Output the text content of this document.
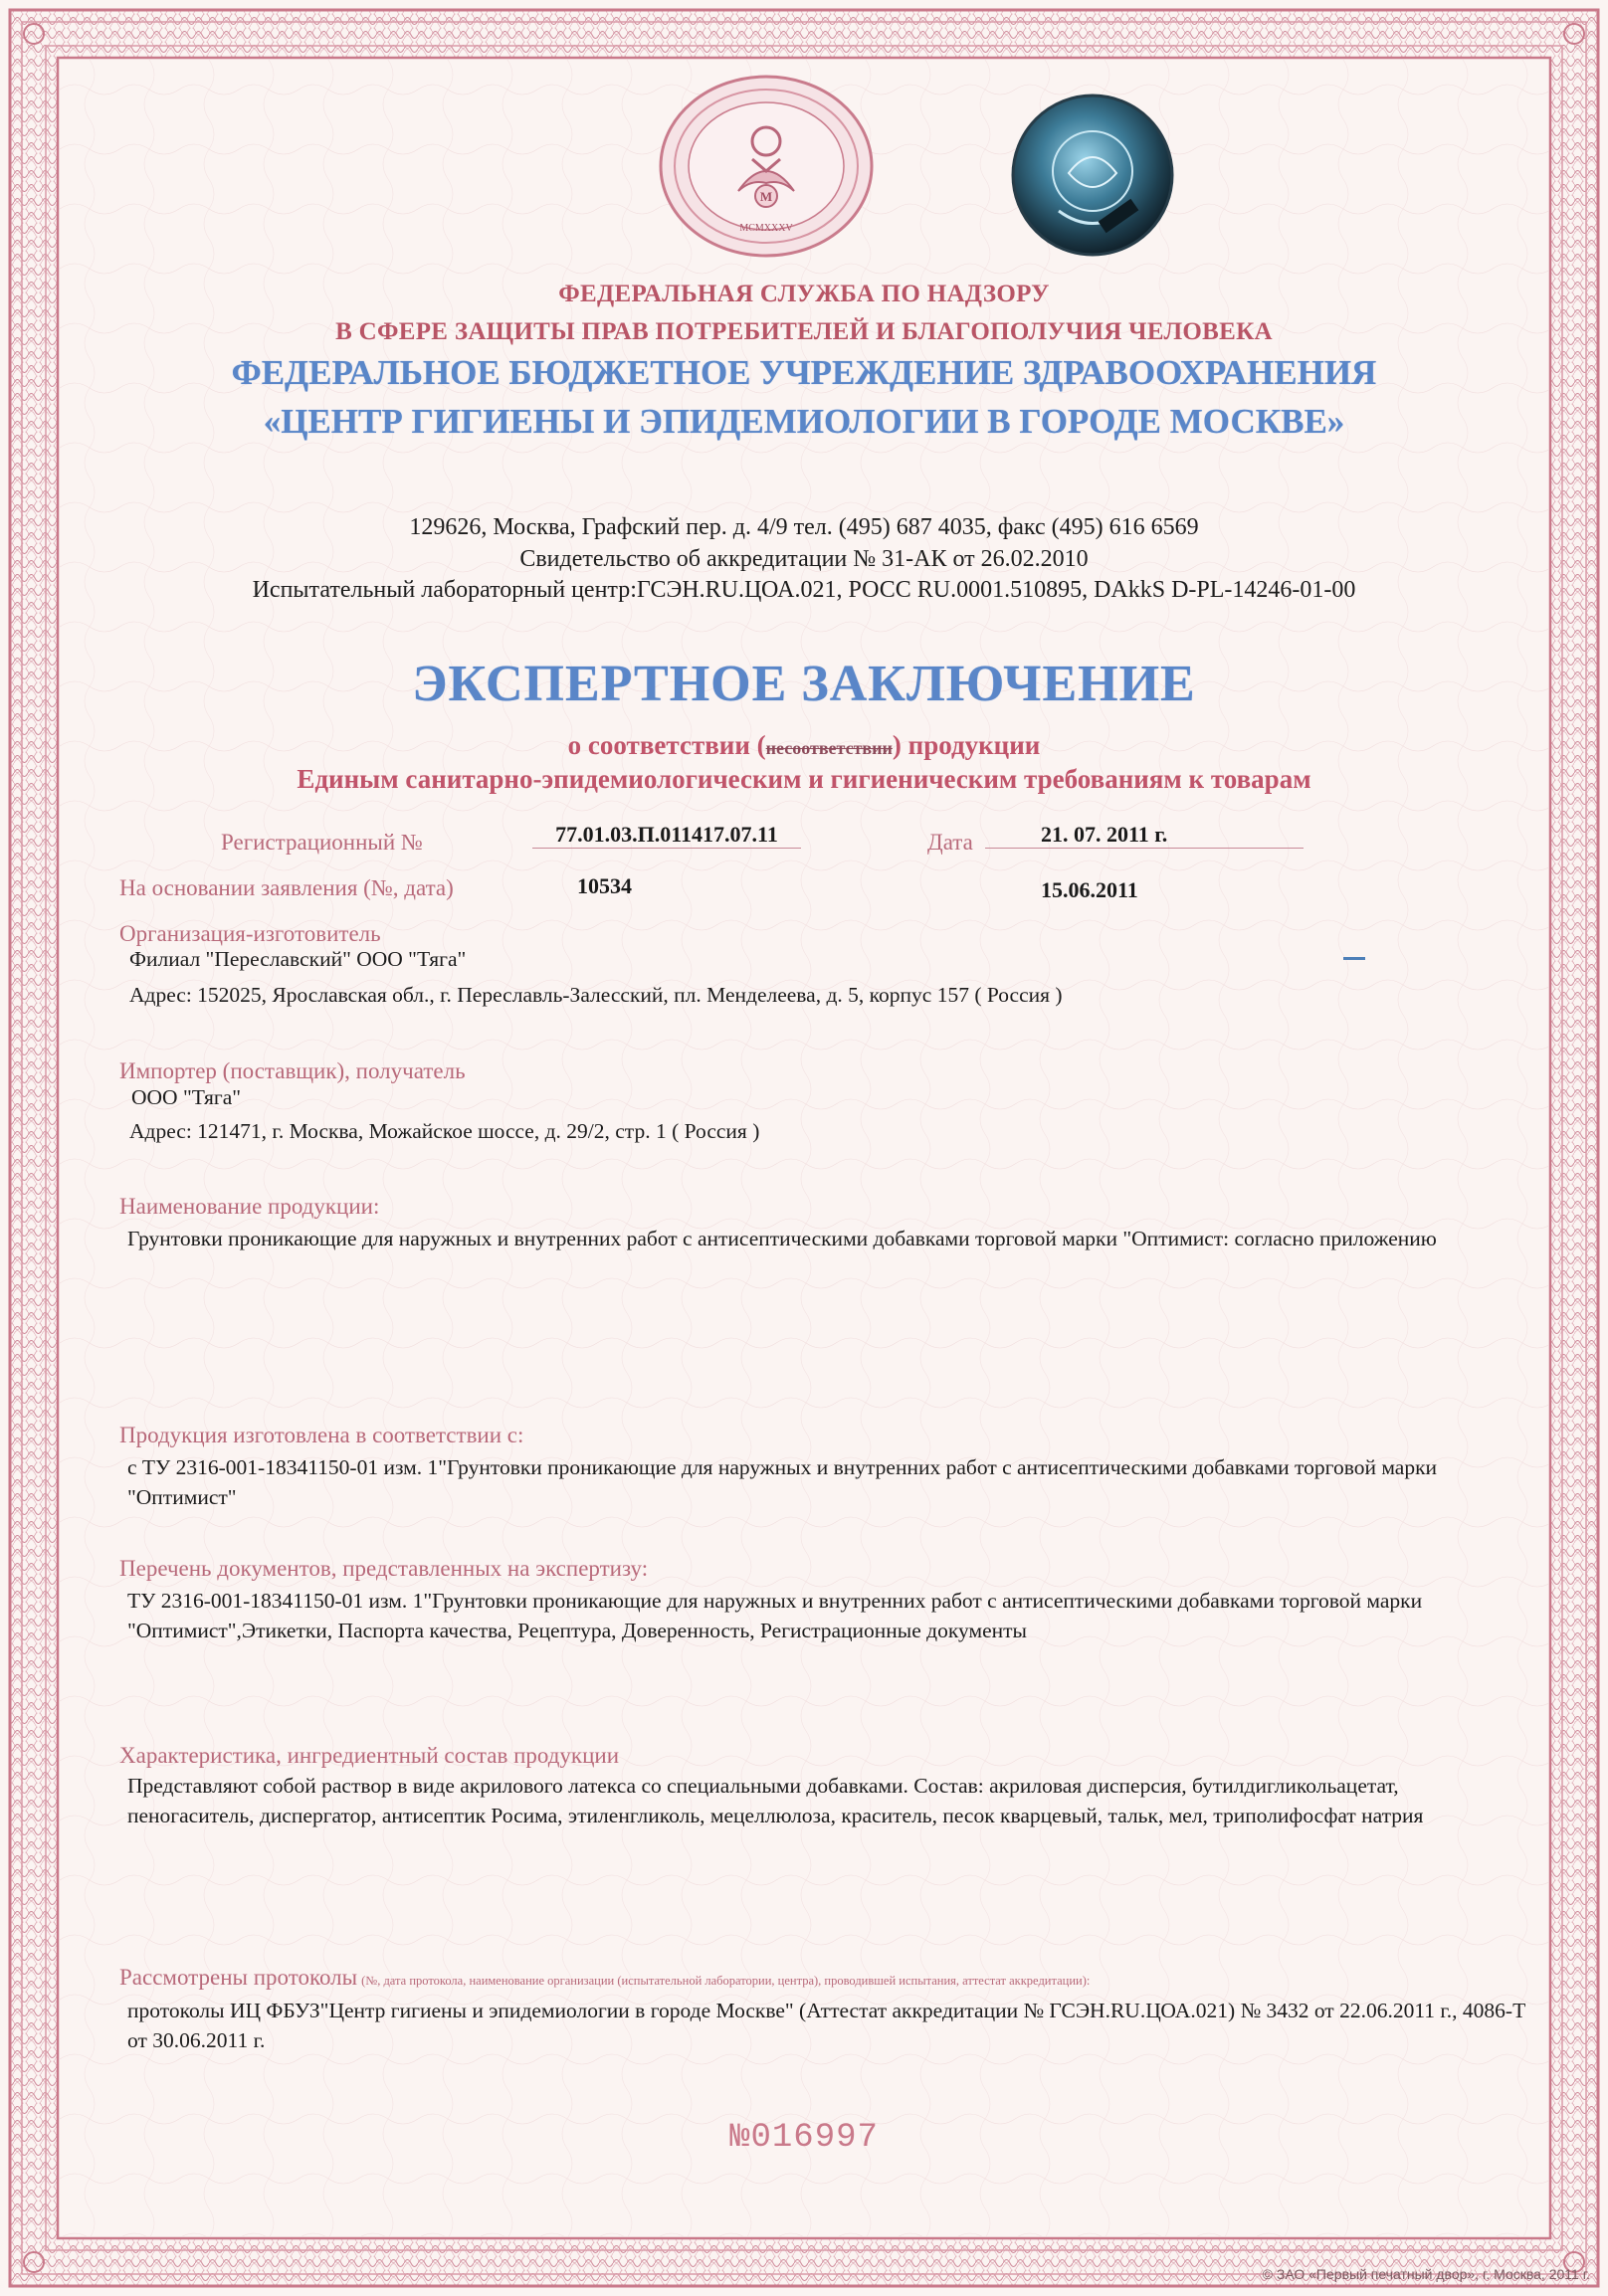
M
MCMXXXV
ФЕДЕРАЛЬНАЯ СЛУЖБА ПО НАДЗОРУ
В СФЕРЕ ЗАЩИТЫ ПРАВ ПОТРЕБИТЕЛЕЙ И БЛАГОПОЛУЧИЯ ЧЕЛОВЕКА
ФЕДЕРАЛЬНОЕ БЮДЖЕТНОЕ УЧРЕЖДЕНИЕ ЗДРАВООХРАНЕНИЯ
«ЦЕНТР ГИГИЕНЫ И ЭПИДЕМИОЛОГИИ В ГОРОДЕ МОСКВЕ»
129626, Москва, Графский пер. д. 4/9 тел. (495) 687 4035, факс (495) 616 6569
Свидетельство об аккредитации № 31-АК от 26.02.2010
Испытательный лабораторный центр:ГСЭН.RU.ЦОА.021, РОСС RU.0001.510895, DAkkS D-PL-14246-01-00
ЭКСПЕРТНОЕ ЗАКЛЮЧЕНИЕ
о соответствии (несоответствии) продукции
Единым санитарно-эпидемиологическим и гигиеническим требованиям к товарам
Регистрационный №	77.01.03.П.011417.07.11	Дата	21. 07. 2011 г.
На основании заявления (№, дата)	10534	15.06.2011
Организация-изготовитель
Филиал "Переславский" ООО "Тяга"
Адрес: 152025, Ярославская обл., г. Переславль-Залесский, пл. Менделеева, д. 5, корпус 157 ( Россия )
Импортер (поставщик), получатель
ООО "Тяга"
Адрес: 121471, г. Москва, Можайское шоссе, д. 29/2, стр. 1 ( Россия )
Наименование продукции:
Грунтовки проникающие для наружных и внутренних работ с антисептическими добавками торговой марки "Оптимист: согласно приложению
Продукция изготовлена в соответствии с:
с ТУ 2316-001-18341150-01 изм. 1"Грунтовки проникающие для наружных и внутренних работ с антисептическими добавками торговой марки "Оптимист"
Перечень документов, представленных на экспертизу:
ТУ 2316-001-18341150-01 изм. 1"Грунтовки проникающие для наружных и внутренних работ с антисептическими добавками торговой марки "Оптимист",Этикетки, Паспорта качества, Рецептура, Доверенность, Регистрационные документы
Характеристика, ингредиентный состав продукции
Представляют собой раствор в виде акрилового латекса со специальными добавками. Состав: акриловая дисперсия, бутилдигликольацетат, пеногаситель, диспергатор, антисептик Росима, этиленгликоль, мецеллюлоза, краситель, песок кварцевый, тальк, мел, триполифосфат натрия
Рассмотрены протоколы (№, дата протокола, наименование организации (испытательной лаборатории, центра), проводившей испытания, аттестат аккредитации):
протоколы ИЦ ФБУЗ"Центр гигиены и эпидемиологии в городе Москве" (Аттестат аккредитации № ГСЭН.RU.ЦОА.021) № 3432 от 22.06.2011 г., 4086-Т от 30.06.2011 г.
№016997
© ЗАО «Первый печатный двор», г. Москва, 2011 г.
